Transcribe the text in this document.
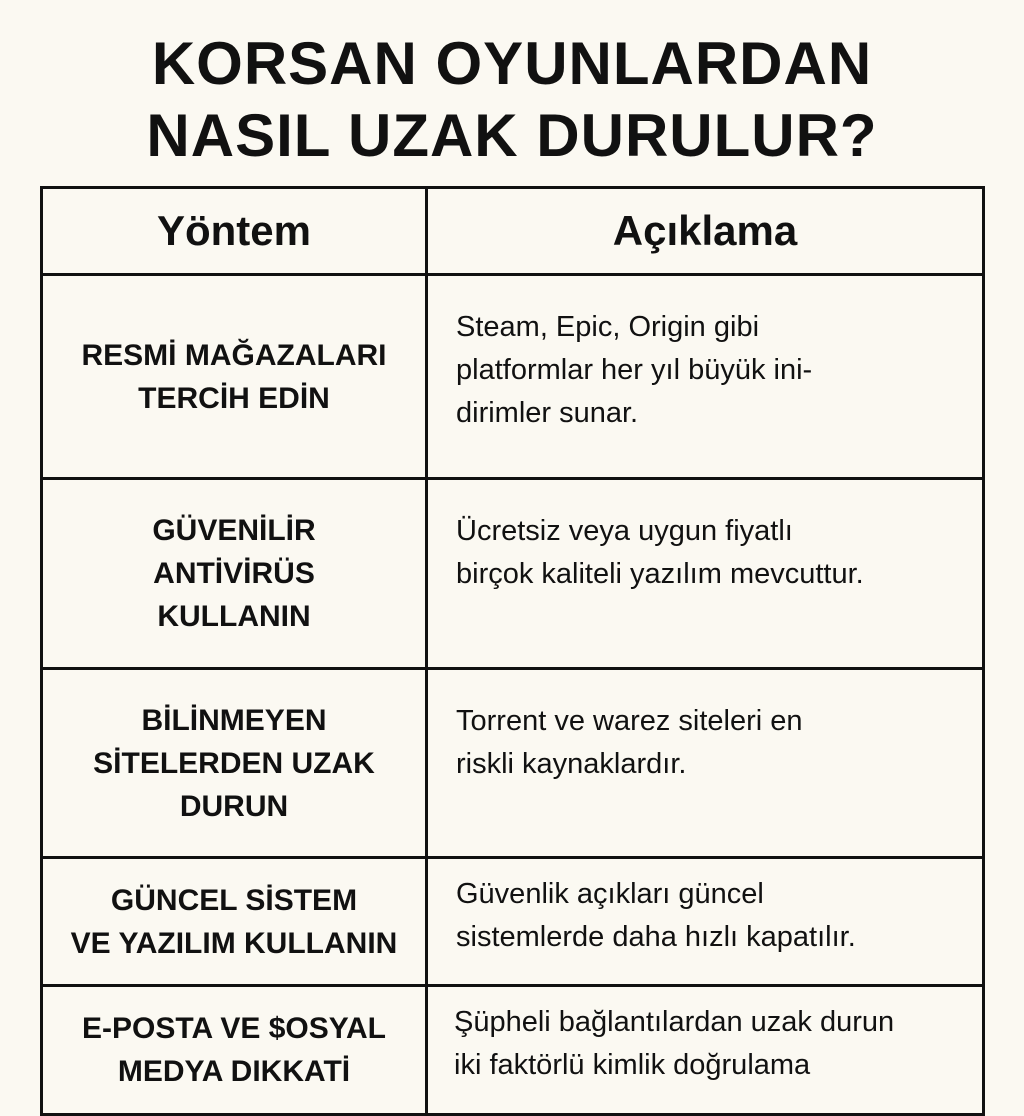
KORSAN OYUNLARDAN
NASIL UZAK DURULUR?
Yöntem	Açıklama

RESMİ MAĞAZALARI
TERCİH EDİN	Steam, Epic, Origin gibi
platformlar her yıl büyük ini-
dirimler sunar.

GÜVENİLİR
ANTİVİRÜS
KULLANIN	Ücretsiz veya uygun fiyatlı
birçok kaliteli yazılım mevcuttur.

BİLİNMEYEN
SİTELERDEN UZAK
DURUN	Torrent ve warez siteleri en
riskli kaynaklardır.

GÜNCEL SİSTEM
VE YAZILIM KULLANIN	Güvenlik açıkları güncel
sistemlerde daha hızlı kapatılır.

E-POSTA VE $OSYAL
MEDYA DIKKATİ	Şüpheli bağlantılardan uzak durun
iki faktörlü kimlik doğrulama
